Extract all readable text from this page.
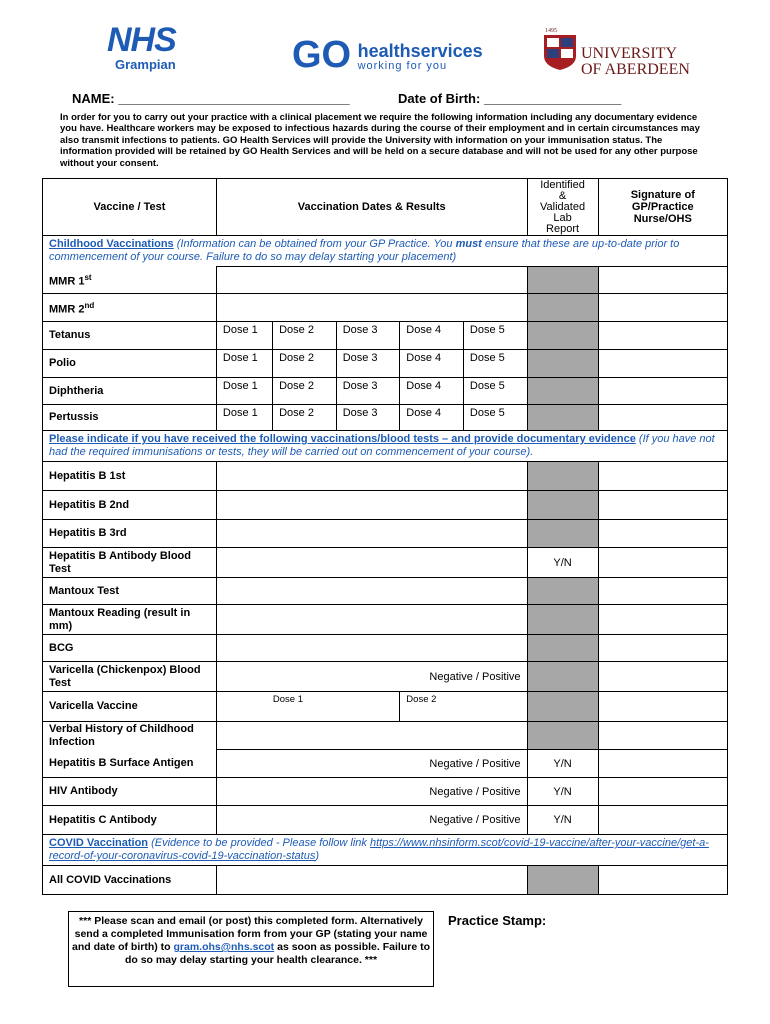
NHS
Grampian	GO healthservices
working for you
1495
UNIVERSITY
OF ABERDEEN
NAME: ________________________________	Date of Birth: ___________________
In order for you to carry out your practice with a clinical placement we require the following information including any documentary evidence you have. Healthcare workers may be exposed to infectious hazards during the course of their employment and in certain circumstances may also transmit infections to patients. GO Health Services will provide the University with information on your immunisation status. The information provided will be retained by GO Health Services and will be held on a secure database and will not be used for any other purpose without your consent.
Vaccine / Test	Vaccination Dates & Results					Identified
&
Validated
Lab
Report	Signature of GP/Practice Nurse/OHS
Childhood Vaccinations (Information can be obtained from your GP Practice. You must ensure that these are up-to-date prior to commencement of your course. Failure to do so may delay starting your placement)							
MMR 1st			
MMR 2nd			
Tetanus	Dose 1	Dose 2	Dose 3	Dose 4	Dose 5		
Polio	Dose 1	Dose 2	Dose 3	Dose 4	Dose 5		
Diphtheria	Dose 1	Dose 2	Dose 3	Dose 4	Dose 5		
Pertussis	Dose 1	Dose 2	Dose 3	Dose 4	Dose 5		
Please indicate if you have received the following vaccinations/blood tests – and provide documentary evidence (If you have not had the required immunisations or tests, they will be carried out on commencement of your course).							
Hepatitis B 1st							
Hepatitis B 2nd							
Hepatitis B 3rd							
Hepatitis B Antibody Blood Test						Y/N	
Mantoux Test							
Mantoux Reading (result in mm)							
BCG							
Varicella (Chickenpox) Blood Test	Negative / Positive						
Varicella Vaccine	Dose 1			Dose 2			
Verbal History of Childhood Infection							
Hepatitis B Surface Antigen	Negative / Positive					Y/N	
HIV Antibody	Negative / Positive					Y/N	
Hepatitis C Antibody	Negative / Positive					Y/N	
COVID Vaccination (Evidence to be provided - Please follow link https://www.nhsinform.scot/covid-19-vaccine/after-your-vaccine/get-a-record-of-your-coronavirus-covid-19-vaccination-status)							
All COVID Vaccinations							
*** Please scan and email (or post) this completed form. Alternatively send a completed Immunisation form from your GP (stating your name and date of birth) to gram.ohs@nhs.scot as soon as possible. Failure to do so may delay starting your health clearance. ***
Practice Stamp:
